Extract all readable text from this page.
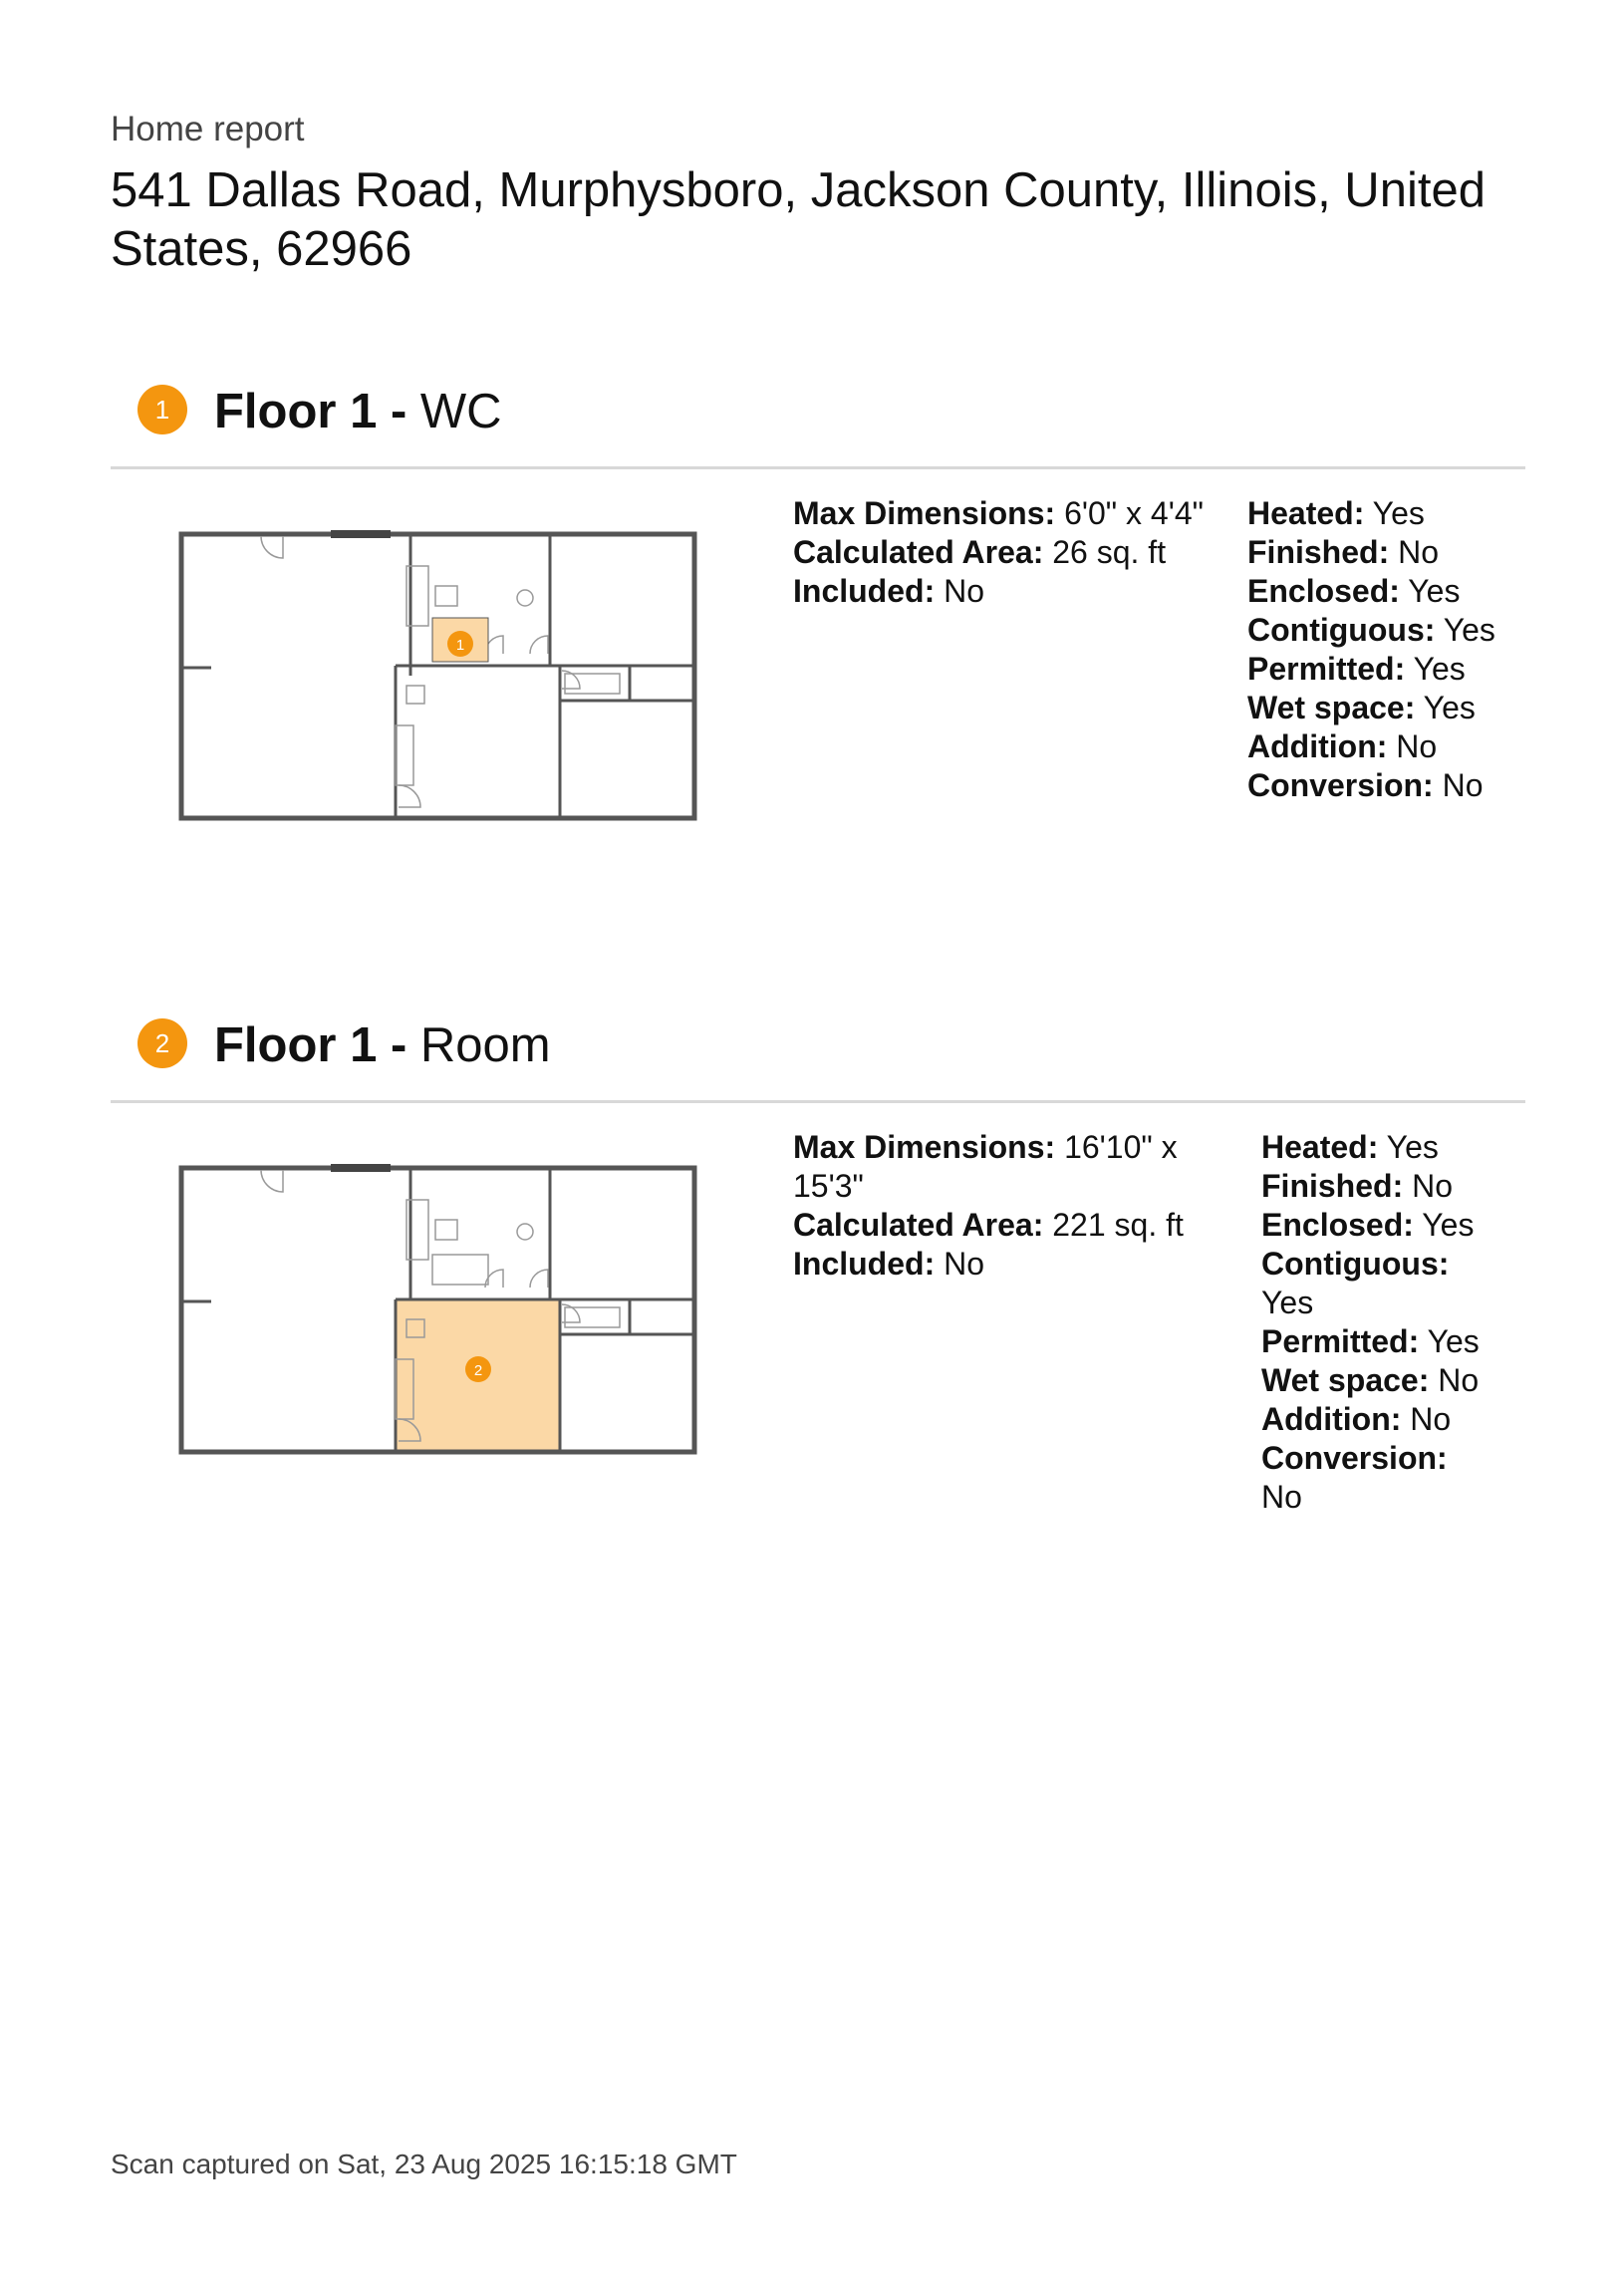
Home report
541 Dallas Road, Murphysboro, Jackson County, Illinois, United States, 62966
1 Floor 1 - WC
1
Max Dimensions: 6'0" x 4'4"
Calculated Area: 26 sq. ft
Included: No
Heated: Yes
Finished: No
Enclosed: Yes
Contiguous: Yes
Permitted: Yes
Wet space: Yes
Addition: No
Conversion: No
2 Floor 1 - Room
2
Max Dimensions: 16'10" x 15'3"
Calculated Area: 221 sq. ft
Included: No
Heated: Yes
Finished: No
Enclosed: Yes
Contiguous: Yes
Permitted: Yes
Wet space: No
Addition: No
Conversion: No
Scan captured on Sat, 23 Aug 2025 16:15:18 GMT
